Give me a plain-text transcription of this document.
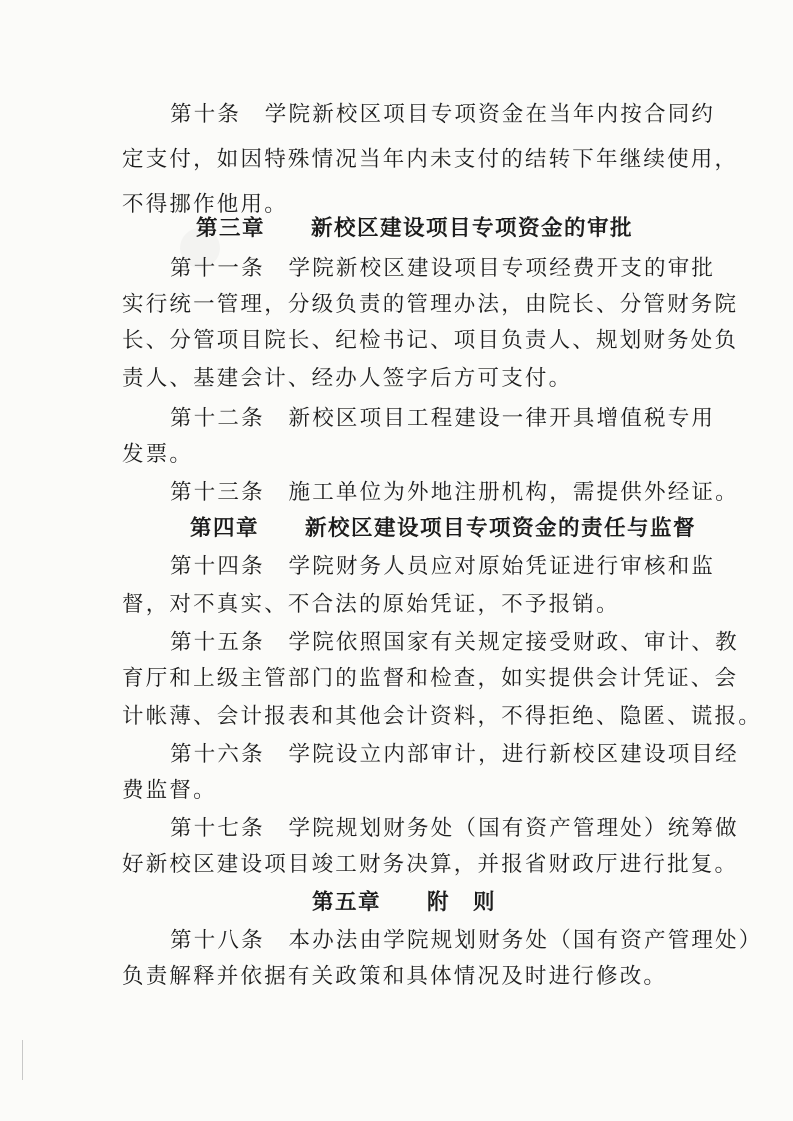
第十条　学院新校区项目专项资金在当年内按合同约
定支付，如因特殊情况当年内未支付的结转下年继续使用，
不得挪作他用。
第三章　　新校区建设项目专项资金的审批
第十一条　学院新校区建设项目专项经费开支的审批
实行统一管理，分级负责的管理办法，由院长、分管财务院
长、分管项目院长、纪检书记、项目负责人、规划财务处负
责人、基建会计、经办人签字后方可支付。
第十二条　新校区项目工程建设一律开具增值税专用
发票。
第十三条　施工单位为外地注册机构，需提供外经证。
第四章　　新校区建设项目专项资金的责任与监督
第十四条　学院财务人员应对原始凭证进行审核和监
督，对不真实、不合法的原始凭证，不予报销。
第十五条　学院依照国家有关规定接受财政、审计、教
育厅和上级主管部门的监督和检查，如实提供会计凭证、会
计帐薄、会计报表和其他会计资料，不得拒绝、隐匿、谎报。
第十六条　学院设立内部审计，进行新校区建设项目经
费监督。
第十七条　学院规划财务处（国有资产管理处）统筹做
好新校区建设项目竣工财务决算，并报省财政厅进行批复。
第五章　　附　则
第十八条　本办法由学院规划财务处（国有资产管理处）
负责解释并依据有关政策和具体情况及时进行修改。
